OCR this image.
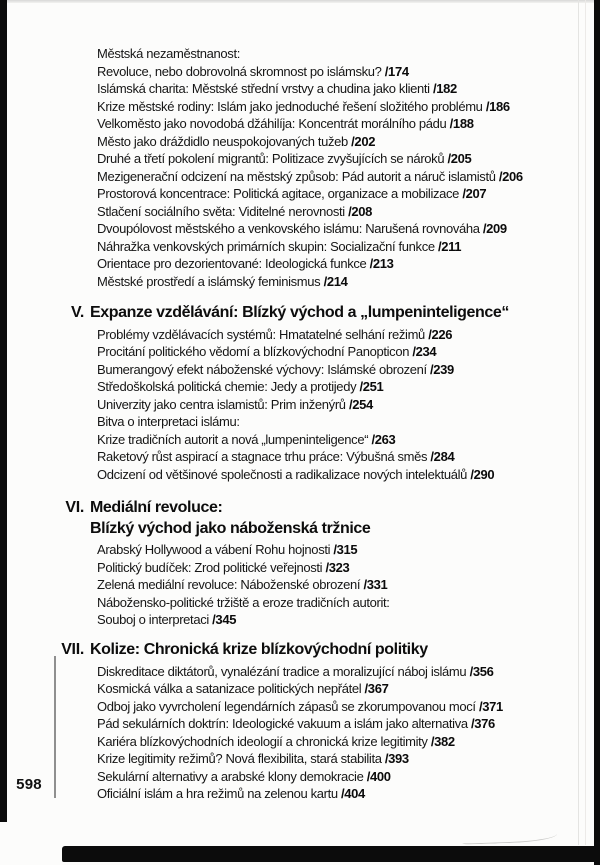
Městská nezaměstnanost:
Revoluce, nebo dobrovolná skromnost po islámsku? /174
Islámská charita: Městské střední vrstvy a chudina jako klienti /182
Krize městské rodiny: Islám jako jednoduché řešení složitého problému /186
Velkoměsto jako novodobá džáhilíja: Koncentrát morálního pádu /188
Město jako dráždidlo neuspokojovaných tužeb /202
Druhé a třetí pokolení migrantů: Politizace zvyšujících se nároků /205
Mezigenerační odcizení na městský způsob: Pád autorit a náruč islamistů /206
Prostorová koncentrace: Politická agitace, organizace a mobilizace /207
Stlačení sociálního světa: Viditelné nerovnosti /208
Dvoupólovost městského a venkovského islámu: Narušená rovnováha /209
Náhražka venkovských primárních skupin: Socializační funkce /211
Orientace pro dezorientované: Ideologická funkce /213
Městské prostředí a islámský feminismus /214
V. Expanze vzdělávání: Blízký východ a „lumpeninteligence“
Problémy vzdělávacích systémů: Hmatatelné selhání režimů /226
Procitání politického vědomí a blízkovýchodní Panopticon /234
Bumerangový efekt náboženské výchovy: Islámské obrození /239
Středoškolská politická chemie: Jedy a protijedy /251
Univerzity jako centra islamistů: Prim inženýrů /254
Bitva o interpretaci islámu:
Krize tradičních autorit a nová „lumpeninteligence“ /263
Raketový růst aspirací a stagnace trhu práce: Výbušná směs /284
Odcizení od většinové společnosti a radikalizace nových intelektuálů /290
VI. Mediální revoluce:
Blízký východ jako náboženská tržnice
Arabský Hollywood a vábení Rohu hojnosti /315
Politický budíček: Zrod politické veřejnosti /323
Zelená mediální revoluce: Náboženské obrození /331
Nábožensko-politické tržiště a eroze tradičních autorit:
Souboj o interpretaci /345
VII. Kolize: Chronická krize blízkovýchodní politiky
Diskreditace diktátorů, vynalézání tradice a moralizující náboj islámu /356
Kosmická válka a satanizace politických nepřátel /367
Odboj jako vyvrcholení legendárních zápasů se zkorumpovanou mocí /371
Pád sekulárních doktrín: Ideologické vakuum a islám jako alternativa /376
Kariéra blízkovýchodních ideologií a chronická krize legitimity /382
Krize legitimity režimů? Nová flexibilita, stará stabilita /393
Sekulární alternativy a arabské klony demokracie /400
Oficiální islám a hra režimů na zelenou kartu /404
598
